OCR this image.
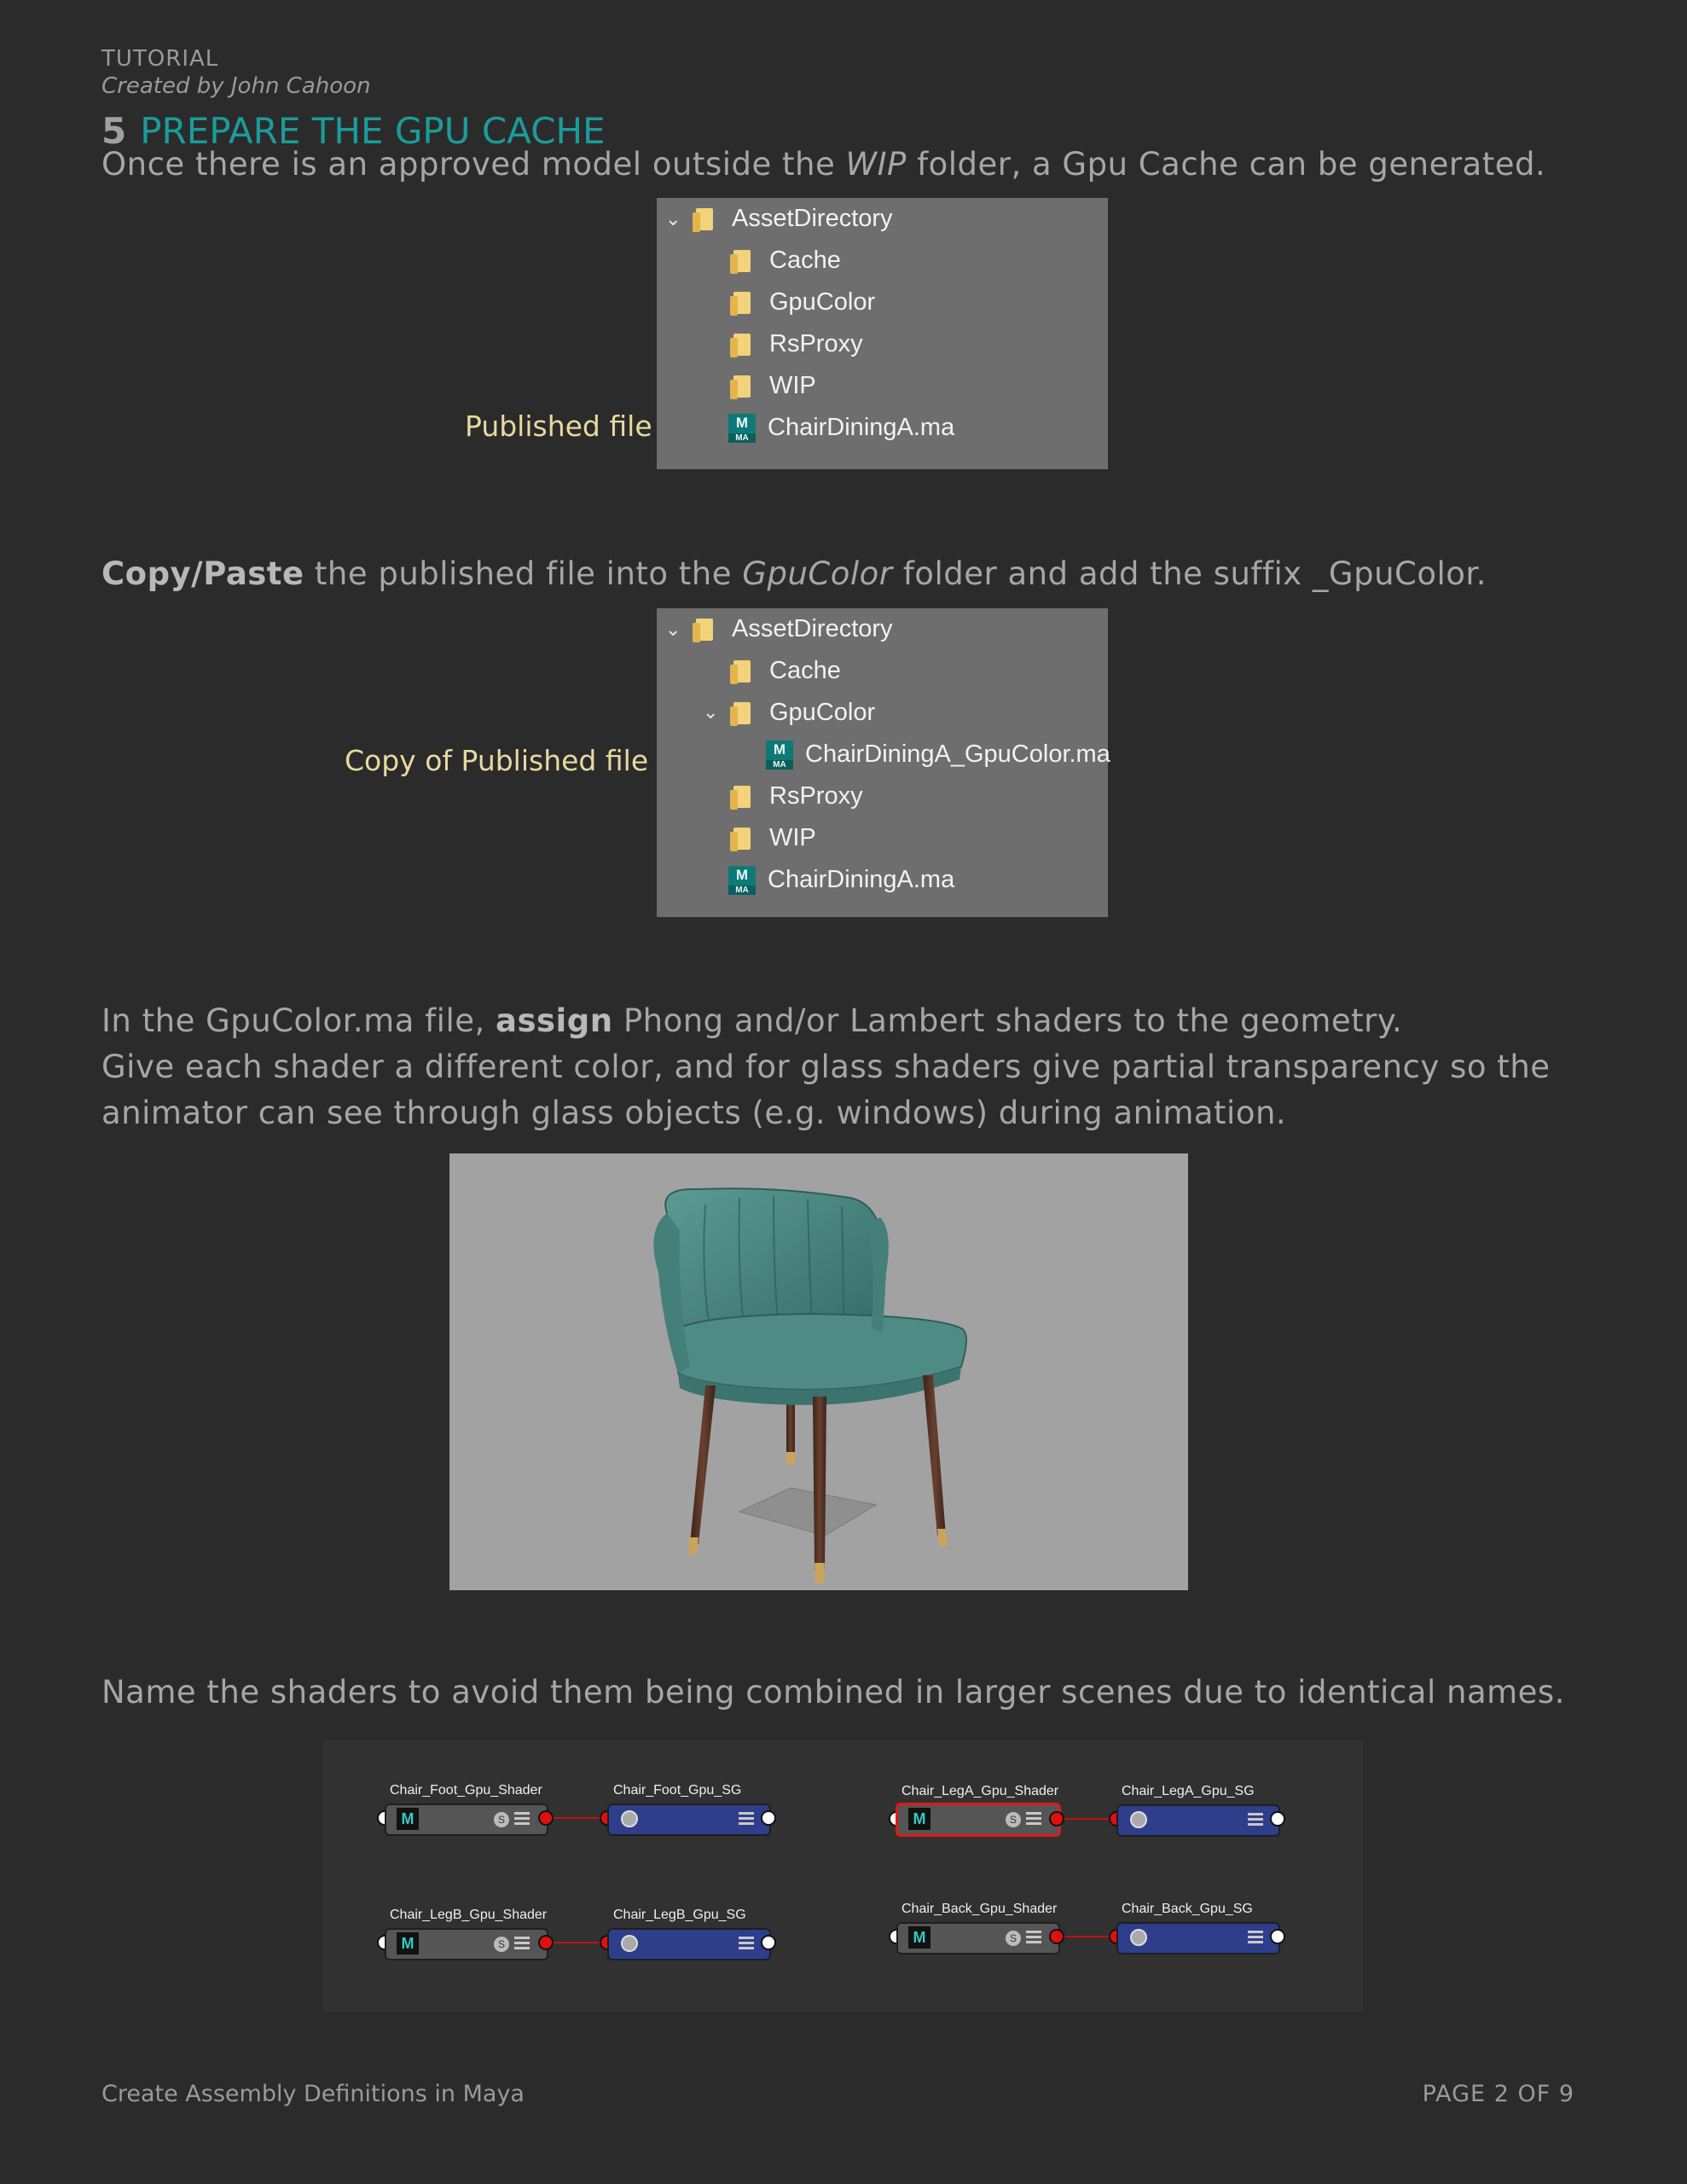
TUTORIAL
Created by John Cahoon
5 PREPARE THE GPU CACHE
Once there is an approved model outside the WIP folder, a Gpu Cache can be generated.
Published file
⌄ AssetDirectory
Cache
GpuColor
RsProxy
WIP
M
MA ChairDiningA.ma
Copy/Paste the published file into the GpuColor folder and add the suffix _GpuColor.
Copy of Published file
⌄ AssetDirectory
Cache
⌄ GpuColor
M
MA ChairDiningA_GpuColor.ma
RsProxy
WIP
M
MA ChairDiningA.ma
In the GpuColor.ma file, assign Phong and/or Lambert shaders to the geometry.
Give each shader a different color, and for glass shaders give partial transparency so the
animator can see through glass objects (e.g. windows) during animation.
Name the shaders to avoid them being combined in larger scenes due to identical names.
Chair_Foot_Gpu_Shader	Chair_Foot_Gpu_SG
M	S
Chair_LegA_Gpu_Shader	Chair_LegA_Gpu_SG
M	S
Chair_LegB_Gpu_Shader	Chair_LegB_Gpu_SG
M	S
Chair_Back_Gpu_Shader	Chair_Back_Gpu_SG
M	S
Create Assembly Definitions in Maya	PAGE 2 OF 9
